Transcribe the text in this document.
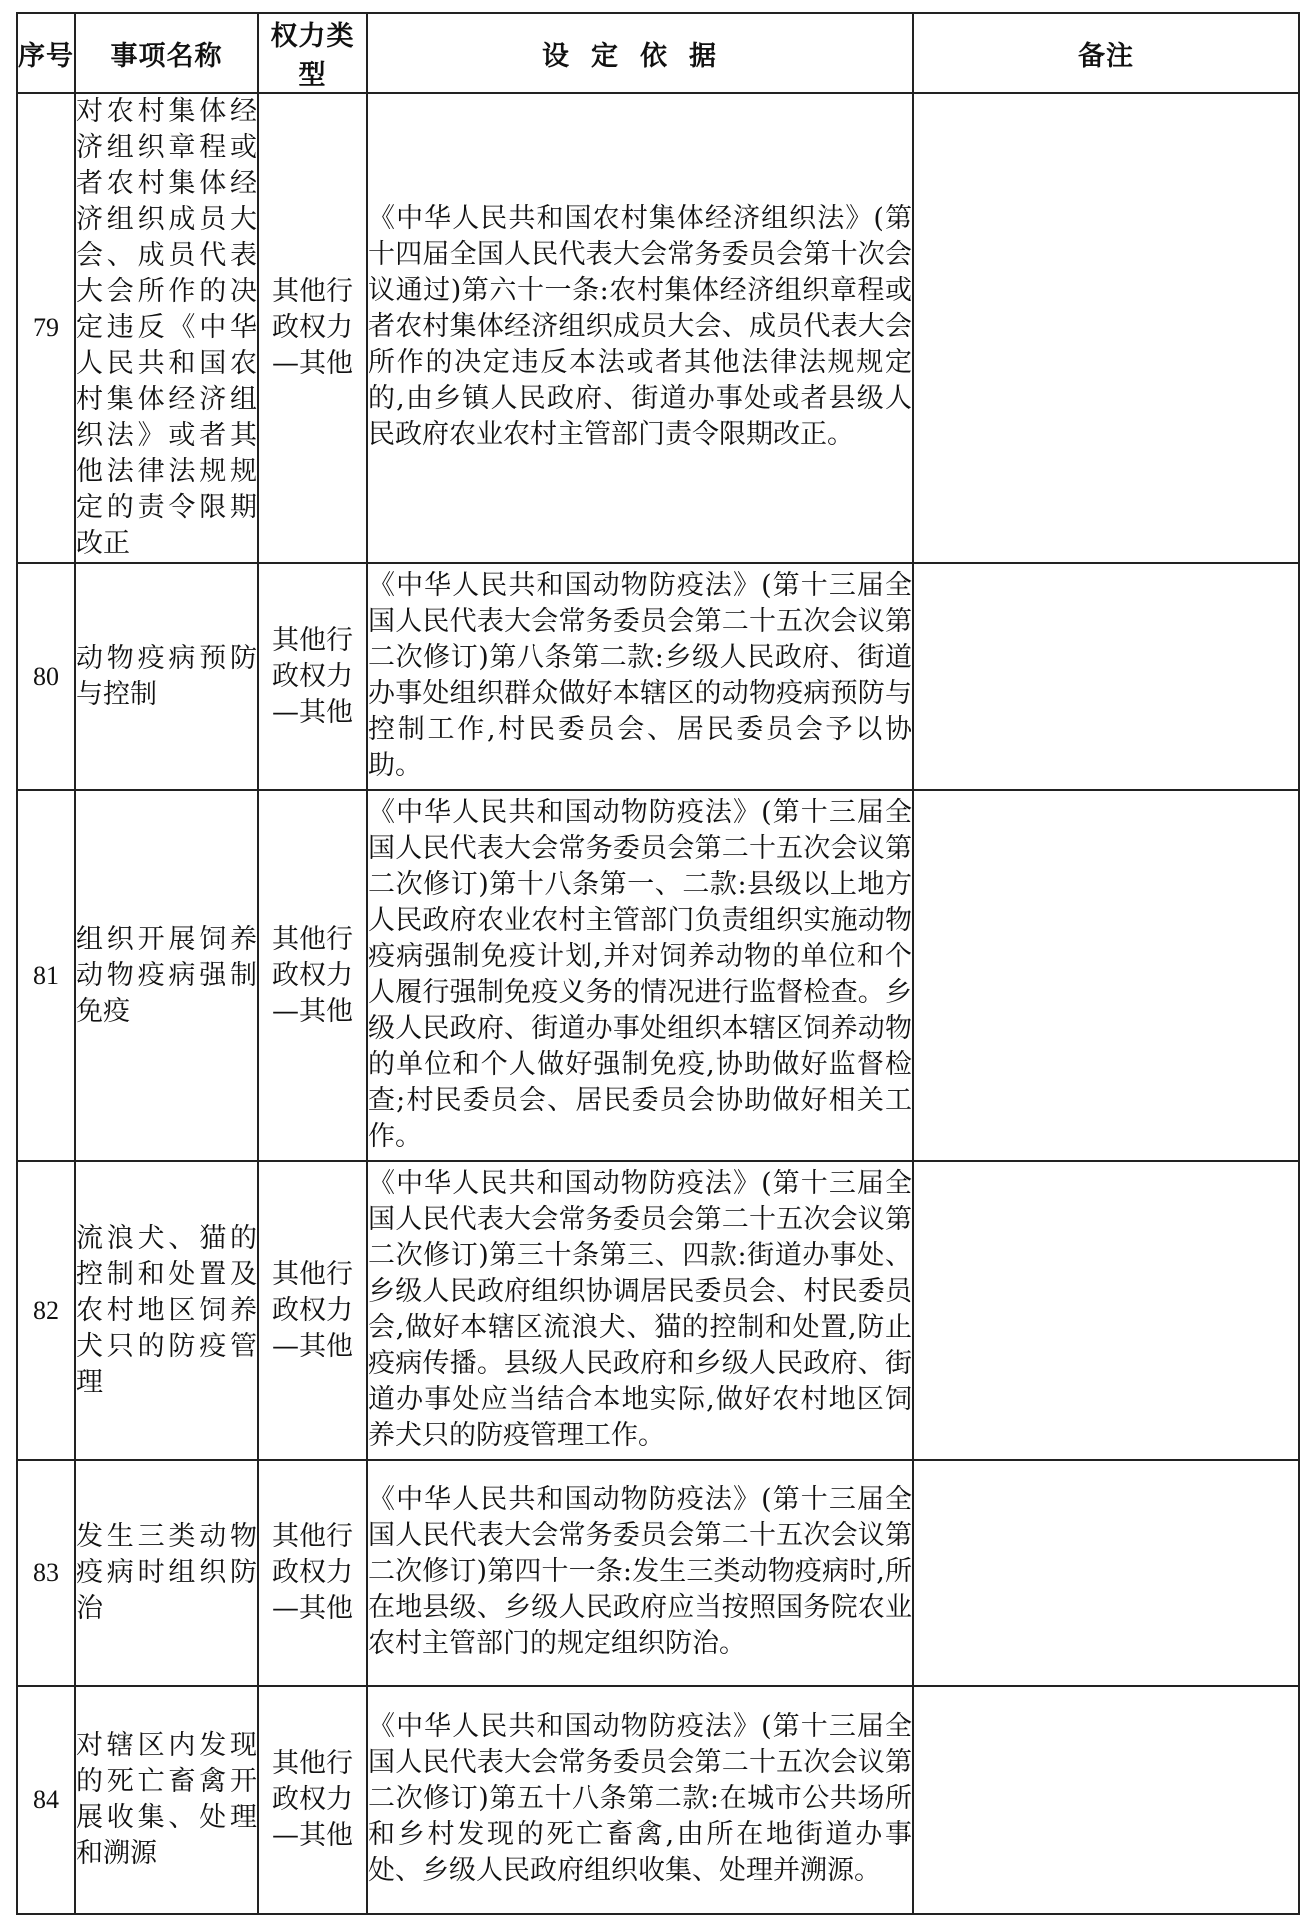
序号	事项名称	权力类型	设定依据	备注
79	对农村集体经济组织章程或者农村集体经济组织成员大会、成员代表大会所作的决定违反《中华人民共和国农村集体经济组织法》或者其他法律法规规定的责令限期改正	其他行政权力—其他	《中华人民共和国农村集体经济组织法》(第十四届全国人民代表大会常务委员会第十次会议通过)第六十一条:农村集体经济组织章程或者农村集体经济组织成员大会、成员代表大会所作的决定违反本法或者其他法律法规规定的,由乡镇人民政府、街道办事处或者县级人民政府农业农村主管部门责令限期改正。	

80	动物疫病预防与控制	其他行政权力—其他	《中华人民共和国动物防疫法》(第十三届全国人民代表大会常务委员会第二十五次会议第二次修订)第八条第二款:乡级人民政府、街道办事处组织群众做好本辖区的动物疫病预防与控制工作,村民委员会、居民委员会予以协助。	

81	组织开展饲养动物疫病强制免疫	其他行政权力—其他	《中华人民共和国动物防疫法》(第十三届全国人民代表大会常务委员会第二十五次会议第二次修订)第十八条第一、二款:县级以上地方人民政府农业农村主管部门负责组织实施动物疫病强制免疫计划,并对饲养动物的单位和个人履行强制免疫义务的情况进行监督检查。乡级人民政府、街道办事处组织本辖区饲养动物的单位和个人做好强制免疫,协助做好监督检查;村民委员会、居民委员会协助做好相关工作。	

82	流浪犬、猫的控制和处置及农村地区饲养犬只的防疫管理	其他行政权力—其他	《中华人民共和国动物防疫法》(第十三届全国人民代表大会常务委员会第二十五次会议第二次修订)第三十条第三、四款:街道办事处、乡级人民政府组织协调居民委员会、村民委员会,做好本辖区流浪犬、猫的控制和处置,防止疫病传播。县级人民政府和乡级人民政府、街道办事处应当结合本地实际,做好农村地区饲养犬只的防疫管理工作。	

83	发生三类动物疫病时组织防治	其他行政权力—其他	《中华人民共和国动物防疫法》(第十三届全国人民代表大会常务委员会第二十五次会议第二次修订)第四十一条:发生三类动物疫病时,所在地县级、乡级人民政府应当按照国务院农业农村主管部门的规定组织防治。	

84	对辖区内发现的死亡畜禽开展收集、处理和溯源	其他行政权力—其他	《中华人民共和国动物防疫法》(第十三届全国人民代表大会常务委员会第二十五次会议第二次修订)第五十八条第二款:在城市公共场所和乡村发现的死亡畜禽,由所在地街道办事处、乡级人民政府组织收集、处理并溯源。	
